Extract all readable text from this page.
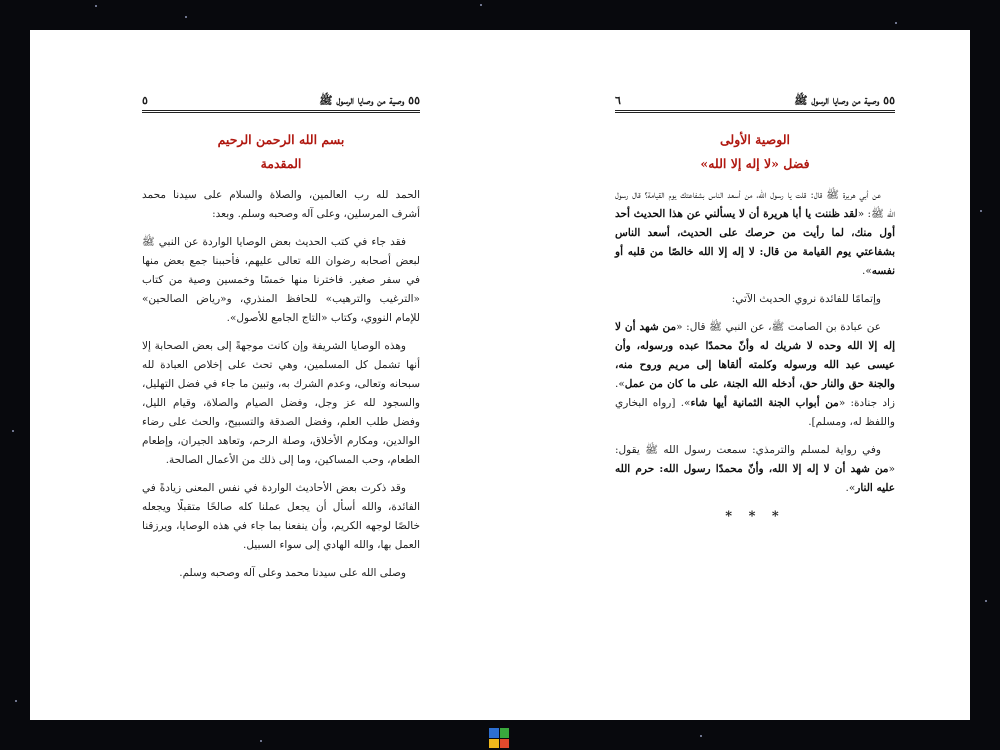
٥٥ وصية من وصايا الرسول ﷺ
٥
بسم الله الرحمن الرحيم
المقدمة

الحمد لله رب العالمين، والصلاة والسلام على سيدنا محمد أشرف المرسلين، وعلى آله وصحبه وسلم. وبعد:

فقد جاء في كتب الحديث بعض الوصايا الواردة عن النبي ﷺ لبعض أصحابه رضوان الله تعالى عليهم، فأحببنا جمع بعض منها في سفر صغير. فاخترنا منها خمسًا وخمسين وصية من كتاب «الترغيب والترهيب» للحافظ المنذري، و«رياض الصالحين» للإمام النووي، وكتاب «التاج الجامع للأصول».

وهذه الوصايا الشريفة وإن كانت موجهةً إلى بعض الصحابة إلا أنها تشمل كل المسلمين، وهي تحث على إخلاص العبادة لله سبحانه وتعالى، وعدم الشرك به، وتبين ما جاء في فضل التهليل، والسجود لله عز وجل، وفضل الصيام والصلاة، وقيام الليل، وفضل طلب العلم، وفضل الصدقة والتسبيح، والحث على رضاء الوالدين، ومكارم الأخلاق، وصلة الرحم، وتعاهد الجيران، وإطعام الطعام، وحب المساكين، وما إلى ذلك من الأعمال الصالحة.

وقد ذكرت بعض الأحاديث الواردة في نفس المعنى زيادةً في الفائدة، والله أسأل أن يجعل عملنا كله صالحًا متقبلًا ويجعله خالصًا لوجهه الكريم، وأن ينفعنا بما جاء في هذه الوصايا، ويرزقنا العمل بها، والله الهادي إلى سواء السبيل.

وصلى الله على سيدنا محمد وعلى آله وصحبه وسلم.

٥٥ وصية من وصايا الرسول ﷺ
٦
الوصية الأولى
فضل «لا إله إلا الله»

عن أبي هريرة ﷺ قال: قلت يا رسول الله، من أسعد الناس بشفاعتك يوم القيامة؟ قال رسول الله ﷺ: «لقد ظننت يا أبا هريرة أن لا يسألني عن هذا الحديث أحد أول منك، لما رأيت من حرصك على الحديث، أسعد الناس بشفاعتي يوم القيامة من قال: لا إله إلا الله خالصًا من قلبه أو نفسه».

وإتمامًا للفائدة نروي الحديث الآتي:

عن عبادة بن الصامت ﷺ، عن النبي ﷺ قال: «من شهد أن لا إله إلا الله وحده لا شريك له وأنّ محمدًا عبده ورسوله، وأن عيسى عبد الله ورسوله وكلمته ألقاها إلى مريم وروح منه، والجنة حق والنار حق، أدخله الله الجنة، على ما كان من عمل». زاد جنادة: «من أبواب الجنة الثمانية أيها شاء». [رواه البخاري واللفظ له، ومسلم].

وفي رواية لمسلم والترمذي: سمعت رسول الله ﷺ يقول: «من شهد أن لا إله إلا الله، وأنّ محمدًا رسول الله: حرم الله عليه النار».

* * *
